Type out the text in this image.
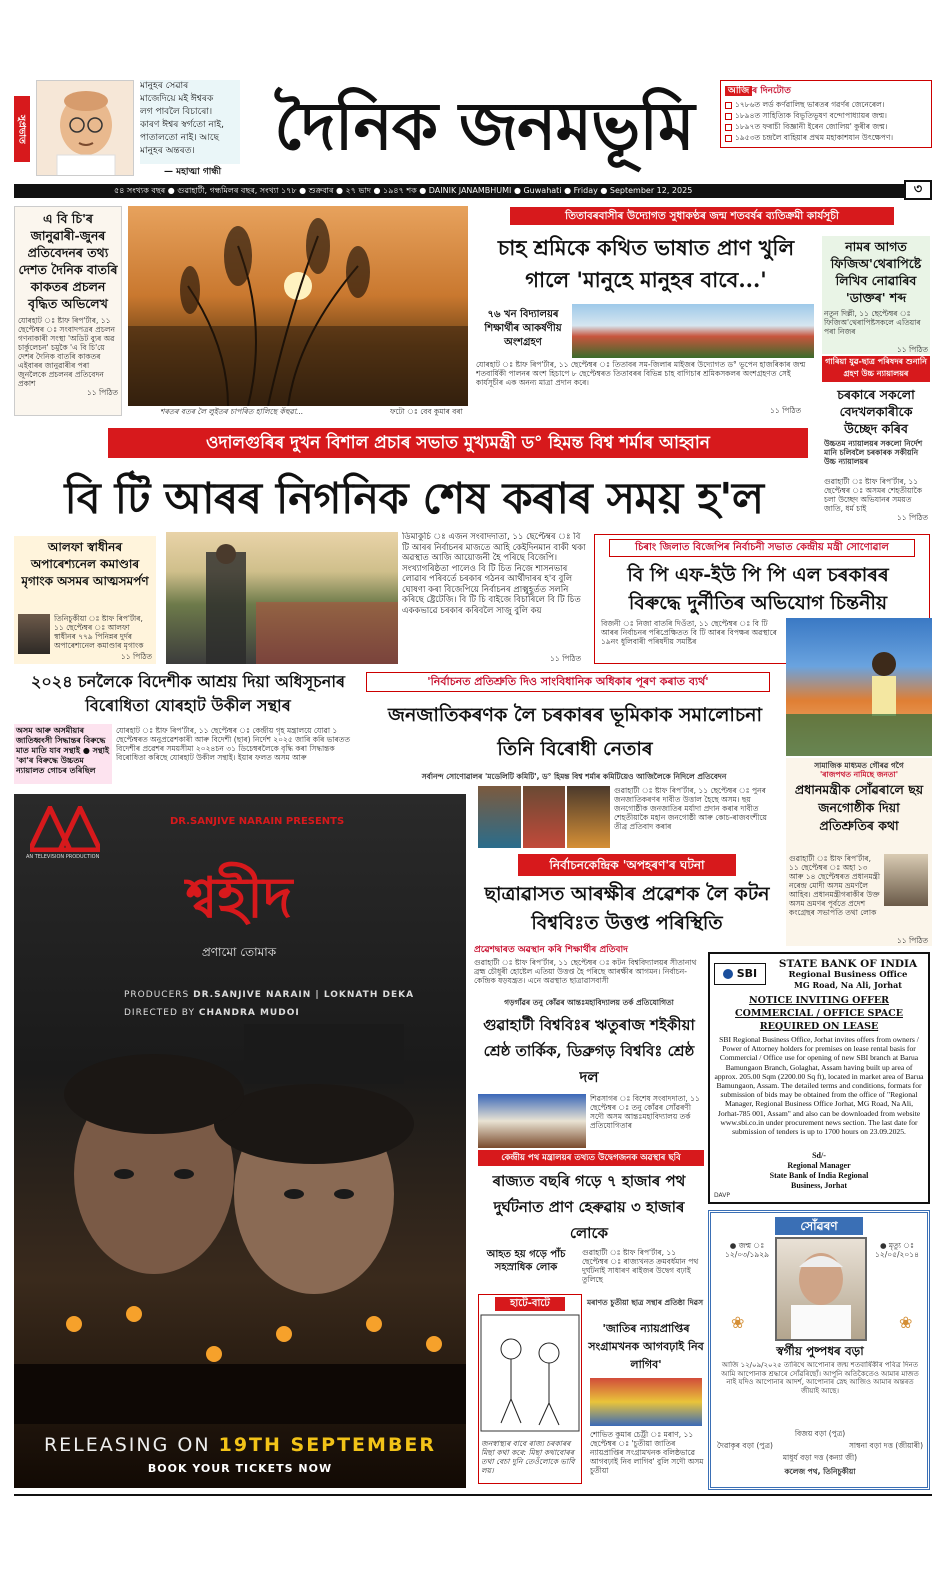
সুপ্ৰভাত
মানুহৰ সেৱাৰ
মাজেদিয়ে মই ঈশ্বৰক
লগ পাবলৈ বিচাৰো।
কাৰণ ঈশ্বৰ স্বৰ্গতো নাই,
পাতালতো নাই। আছে
মানুহৰ অন্তৰত।
— মহাত্মা গান্ধী
দৈনিক জনমভূমি	আজি ৰ দিনটোত
১৭৮৬ত লৰ্ড কৰ্ণৱালিছ ভাৰতৰ গৱৰ্ণৰ জেনেৰেল।
১৮৯৪ত সাহিত্যিক বিভূতিভূষণ বন্দোপাধ্যায়ৰ জন্ম।
১৮৯৭ত ফৰাচী বিজ্ঞানী ইৰেন জোলিয়' কুৰীৰ জন্ম।
১৯৫৩ত চন্দ্ৰলৈ বাহিয়াৰ প্ৰথম মহাকাশযান উৎক্ষেপণ।
৫৪ সংখ্যক বছৰ ● গুৱাহাটী, গন্ধমিলৰ বছৰ, সংখ্যা ১৭৮ ● শুক্ৰবাৰ ● ২৭ ভাদ ● ১৯৪৭ শক ● DAINIK JANAMBHUMI ● Guwahati ● Friday ● September 12, 2025	৩
এ বি চি'ৰ জানুৱাৰী-জুনৰ প্ৰতিবেদনৰ তথ্য দেশত দৈনিক বাতৰি কাকতৰ প্ৰচলন বৃদ্ধিত অভিলেখ
যোৰহাট ঃ ষ্টাফ ৰিপ'ৰ্টাৰ, ১১ ছেপ্টেম্বৰ ঃ সংবাদপত্ৰৰ প্ৰচলন গণনাকাৰী সংস্থা 'অডিট ব্যুৰ অৱ চাৰ্কুলেচন' চমুকৈ 'এ বি চি'য়ে দেশৰ দৈনিক বাতৰি কাকতৰ এইবাৰৰ জানুৱাৰীৰ পৰা জুনলৈকে প্ৰচলনৰ প্ৰতিবেদন প্ৰকাশ
১১ পিঠিত
শৰতৰ বতৰ লৈ লুইতৰ চাপৰিত হালিছে কঁহুৱা...	ফটো ঃ বেব কুমাৰ বৰা
তিতাবৰবাসীৰ উদ্যোগত সুধাকণ্ঠৰ জন্ম শতবৰ্ষৰ ব্যতিক্ৰমী কাৰ্যসূচী
চাহ শ্ৰমিকে কথিত ভাষাত প্ৰাণ খুলি গালে 'মানুহে মানুহৰ বাবে...'
৭৬ খন বিদ্যালয়ৰ শিক্ষাৰ্থীৰ আকৰ্ষণীয় অংশগ্ৰহণ
যোৰহাট ঃ ষ্টাফ ৰিপ'ৰ্টাৰ, ১১ ছেপ্টেম্বৰ ঃ তিতাবৰ সম-জিলাৰ মাইজৰ উদ্যোগত ড° ভূপেন হাজৰিকাৰ জন্ম শতবাৰ্ষিকী পালনৰ অংশ হিচাপে ৮ ছেপ্টেম্বৰত তিতাবৰৰ বিভিন্ন চাহ বাগিচাৰ শ্ৰমিকসকলৰ অংশগ্ৰহণত সেই কাৰ্যসূচীৰ এক অনন্য মাত্ৰা প্ৰদান কৰে।
১১ পিঠিত
নামৰ আগত ফিজিঅ'থেৰাপিষ্টে লিখিব নোৱাৰিব 'ডাক্তৰ' শব্দ
নতুন দিল্লী, ১১ ছেপ্টেম্বৰ ঃ ফিজিঅ'থেৰাপিষ্টসকলে এতিয়াৰ পৰা নিজৰ
১১ পিঠিত
গাৰিয়া যুৱ-ছাত্ৰ পৰিষদৰ শুনানি গ্ৰহণ উচ্চ ন্যায়ালয়ৰ
চৰকাৰে সকলো বেদখলকাৰীকে উচ্ছেদ কৰিব
উচ্চতম ন্যায়ালয়ৰ সকলো নিৰ্দেশ মানি চলিবলৈ চৰকাৰক সকীয়নি উচ্চ ন্যায়ালয়ৰ
গুৱাহাটী ঃ ষ্টাফ ৰিপ'ৰ্টাৰ, ১১ ছেপ্টেম্বৰ ঃ অসমৰ শেহতীয়াকৈ চলা উচ্ছেদ অভিযানৰ সময়ত জাতি, ধৰ্ম চাই
১১ পিঠিত
ওদালগুৰিৰ দুখন বিশাল প্ৰচাৰ সভাত মুখ্যমন্ত্ৰী ড° হিমন্ত বিশ্ব শৰ্মাৰ আহ্বান
বি টি আৰৰ নিগনিক শেষ কৰাৰ সময় হ'ল
আলফা স্বাধীনৰ অপাৰেশ্যনেল কমাণ্ডাৰ মৃগাংক অসমৰ আত্মসমৰ্পণ
তিনিচুকীয়া ঃ ষ্টাফ ৰিপ'ৰ্টাৰ, ১১ ছেপ্টেম্বৰ ঃ আলফা স্বাধীনৰ ৭৭৯ পিনিন্নৰ দুৰ্দৰ অপাৰেশ্যনেল কমাণ্ডাৰ মৃগাংক
১১ পিঠিত
ডিমাকুচি ঃ এজন সংবাদদাতা, ১১ ছেপ্টেম্বৰ ঃ বি টি আৰৰ নিৰ্বাচনৰ মাজতে আহি কেইদিনমান বাকী থকা অৱস্থাত আজি আয়োজনী হৈ পৰিছে বিজেপি। সংখ্যাগৰিষ্ঠতা পালেও বি টি চিত নিজে শাসনভাৰ লোৱাৰ পৰিবৰ্তে চৰকাৰ গঠনৰ আৰ্থীদাৰৰ হ'ব বুলি ঘোষণা কৰা বিজেপিয়ে নিৰ্বাচনৰ প্ৰাক্মুহূৰ্তত সলনি কৰিছে ষ্ট্ৰেটেজি। বি টি চি বাইজে বিচাৰিলে বি টি চিত এককভাৱে চৰকাৰ কৰিবলৈ সাজু বুলি কয়
১১ পিঠিত
চিৰাং জিলাত বিজেপিৰ নিৰ্বাচনী সভাত কেন্দ্ৰীয় মন্ত্ৰী সোণোৱাল
বি পি এফ-ইউ পি পি এল চৰকাৰৰ বিৰুদ্ধে দুৰ্নীতিৰ অভিযোগ চিন্তনীয়
বিজনী ঃ নিজা বাতৰি দিওঁতা, ১১ ছেপ্টেম্বৰ ঃ বি টি আৰৰ নিৰ্বাচনৰ পৰিপ্ৰেক্ষিতত বি টি আৰৰ বিপক্ষৰ অৱস্থাৰে ১৯নং ধুলিবাৰী পৰিষদীয় সমষ্টিৰ
২০২৪ চনলৈকে বিদেশীক আশ্ৰয় দিয়া অধিসূচনাৰ বিৰোধিতা যোৰহাট উকীল সন্থাৰ
অসম আৰু অসমীয়াৰ জাতিধ্বংসী সিদ্ধান্তৰ বিৰুদ্ধে মাত মাতি যাব সন্থাই ● সন্থাই 'কা'ৰ বিৰুদ্ধে উচ্চতম ন্যায়ালত গোচৰ তৰিছিল
যোৰহাট ঃ ষ্টাফ ৰিপ'ৰ্টাৰ, ১১ ছেপ্টেম্বৰ ঃ কেন্দ্ৰীয় গৃহ মন্ত্ৰালয়ে যোৱা ১ ছেপ্টেম্বৰত অনুপ্ৰৱেশকাৰী আৰু বিদেশী (ছাৰ) নিৰ্দেশ ২০২৫ জাৰি কৰি ভাৰতত বিদেশীৰ প্ৰৱেশৰ সময়সীমা ২০২৪চন ৩১ ডিচেম্বৰলৈকে বৃদ্ধি কৰা সিদ্ধান্তক বিৰোধিতা কৰিছে যোৰহাট উকীল সন্থাই। ইয়াৰ ফলত অসম আৰু
'নিৰ্বাচনত প্ৰতিশ্ৰুতি দিও সাংবিধানিক অধিকাৰ পূৰণ কৰাত ব্যৰ্থ'
জনজাতিকৰণক লৈ চৰকাৰৰ ভূমিকাক সমালোচনা তিনি বিৰোধী নেতাৰ
সৰ্বানন্দ সোণোৱালৰ 'মডেলিটি কমিটি', ড° হিমন্ত বিশ্ব শৰ্মাৰ কমিটিয়েও আজিলৈকে নিদিলে প্ৰতিবেদন
গুৱাহাটী ঃ ষ্টাফ ৰিপ'ৰ্টাৰ, ১১ ছেপ্টেম্বৰ ঃ পুনৰ জনজাতিকৰণৰ দাবীত উত্তাল হৈছে অসম। ছয় জনগোষ্ঠীক জনজাতিৰ মৰ্যাদা প্ৰদান কৰাৰ দাবীত শেহতীয়াকৈ মহান জনগোষ্ঠী আৰু কোচ-ৰাজবংশীয়ে তীব্ৰ প্ৰতিবাদ কৰাৰ
সামাজিক মাধ্যমত গৌৰৱ গগৈ
'ৰাজপথত নামিছে জনতা'
প্ৰধানমন্ত্ৰীক সোঁৱৰালে ছয় জনগোষ্ঠীক দিয়া প্ৰতিশ্ৰুতিৰ কথা
গুৱাহাটী ঃ ষ্টাফ ৰিপ'ৰ্টাৰ, ১১ ছেপ্টেম্বৰ ঃ অহা ১৩ আৰু ১৪ ছেপ্টেম্বৰত প্ৰধানমন্ত্ৰী নৰেন্দ্ৰ মোদী অসম ভ্ৰমণলৈ আহিব। প্ৰধানমন্ত্ৰীগৰাকীৰ উক্ত অসম ভ্ৰমণৰ পূৰ্বতে প্ৰদেশ কংগ্ৰেছৰ সভাপতি তথা লোক
১১ পিঠিত
AN TELEVISION PRODUCTION
DR.SANJIVE NARAIN PRESENTS
শ্বহীদ
প্ৰণামো তোমাক
PRODUCERS DR.SANJIVE NARAIN | LOKNATH DEKA
DIRECTED BY CHANDRA MUDOI
RELEASING ON 19TH SEPTEMBER
BOOK YOUR TICKETS NOW
নিৰ্বাচনকেন্দ্ৰিক 'অপহৰণ'ৰ ঘটনা
ছাত্ৰাৱাসত আৰক্ষীৰ প্ৰৱেশক লৈ কটন বিশ্ববিঃত উত্তপ্ত পৰিস্থিতি
প্ৰৱেশদ্বাৰত অৱস্থান কৰি শিক্ষাৰ্থীৰ প্ৰতিবাদ
গুৱাহাটী ঃ ষ্টাফ ৰিপ'ৰ্টাৰ, ১১ ছেপ্টেম্বৰ ঃ কটন বিশ্ববিদ্যালয়ৰ সীতানাথ ব্ৰহ্ম চৌধুৰী হোষ্টেল এতিয়া উত্তপ্ত হৈ পৰিছে আৰক্ষীৰ আগমন। নিৰ্বাচন-কেন্দ্ৰিক ষড়যন্ত্ৰত। এনে অৱস্থাত ছাত্ৰাৱাসবাসী
গড়গাঁৱৰ তনু কোঁৱৰ আন্তঃমহাবিদ্যালয় তৰ্ক প্ৰতিযোগিতা
গুৱাহাটী বিশ্ববিঃৰ ঋতুৰাজ শইকীয়া শ্ৰেষ্ঠ তাৰ্কিক, ডিব্ৰুগড় বিশ্ববিঃ শ্ৰেষ্ঠ দল
শিৱসাগৰ ঃ বিশেষ সংবাদদাতা, ১১ ছেপ্টেম্বৰ ঃ তনু কোঁৱৰ সোঁৱৰণী সদৌ অসম আন্তঃমহাবিদ্যালয় তৰ্ক প্ৰতিযোগিতাৰ
কেন্দ্ৰীয় পথ মন্ত্ৰালয়ৰ তথ্যত উদ্বেগজনক অৱস্থাৰ ছবি
ৰাজ্যত বছৰি গড়ে ৭ হাজাৰ পথ দুৰ্ঘটনাত প্ৰাণ হেৰুৱায় ৩ হাজাৰ লোকে
আহত হয় গড়ে পাঁচ সহস্ৰাধিক লোক
গুৱাহাটী ঃ ষ্টাফ ৰিপ'ৰ্টাৰ, ১১ ছেপ্টেম্বৰ ঃ ৰাজ্যখনত ক্ৰমবৰ্ধমান পথ দুৰ্ঘটনাই সাধাৰণ ৰাইজৰ উদ্বেগ বঢ়াই তুলিছে
হাটে-বাটে
জনস্বাস্থ্যৰ বাবে ৰাজ্য চৰকাৰৰ মিছা কথা কৰে: মিছা কথাবোৰৰ তথা বেচা দুনি তেওঁলোকে ভাবি লয়।
মৰাণত চুতীয়া ছাত্ৰ সন্থাৰ প্ৰতিষ্ঠা দিৱস
'জাতিৰ ন্যায়প্ৰাপ্তিৰ সংগ্ৰামখনক আগবঢ়াই নিব লাগিব'
শোভিত কুমাৰ চেট্ৰী ঃ মৰাণ, ১১ ছেপ্টেম্বৰ ঃ 'চুতীয়া জাতিৰ ন্যায়প্ৰাপ্তিৰ সংগ্ৰামখনক বলিষ্ঠভাৱে আগবঢ়াই নিব লাগিব' বুলি সদৌ অসম চুতীয়া
SBI
STATE BANK OF INDIA
Regional Business Office
MG Road, Na Ali, Jorhat
NOTICE INVITING OFFER COMMERCIAL / OFFICE SPACE REQUIRED ON LEASE
SBI Regional Business Office, Jorhat invites offers from owners / Power of Attorney holders for premises on lease rental basis for Commercial / Office use for opening of new SBI branch at Barua Bamungaon Branch, Golaghat, Assam having built up area of approx. 205.00 Sqm (2200.00 Sq ft), located in market area of Barua Bamungaon, Assam. The detailed terms and conditions, formats for submission of bids may be obtained from the office of "Regional Manager, Regional Business Office Jorhat, MG Road, Na Ali, Jorhat-785 001, Assam" and also can be downloaded from website www.sbi.co.in under procurement news section. The last date for submission of tenders is up to 1700 hours on 23.09.2025.
Sd/-
Regional Manager
State Bank of India Regional
Business, Jorhat
DAVP
সোঁৱৰণ
● জন্ম ঃ
১২/০৩/১৯২৯
● মৃত্যু ঃ
১২/০৫/২০১৪
❀	❀
স্বৰ্গীয় পুষ্পধৰ বড়া
আজি ১২/০৯/২০২৫ তাৰিখে আপোনাৰ জন্ম শতবাৰ্ষিকীৰ পবিত্ৰ দিনত আমি আপোনাক শ্ৰদ্ধাৰে সোঁৱৰিছোঁ। আপুনি অতিকৈতেও আমাৰ মাজত নাই যদিও আপোনাৰ আদৰ্শ, আপোনাৰ স্নেহ আজিও আমাৰ অন্তৰত জীয়াই আছে।
বিজয় বড়া (পুত্ৰ)
দৈৱাকৃৰ বড়া (পুত্ৰ)	সাম্বনা বড়া দত্ত (জীয়াৰী)
মাধুৰ্য বড়া দত্ত (কন্যা জী)
কলেজ পথ, তিনিচুকীয়া
